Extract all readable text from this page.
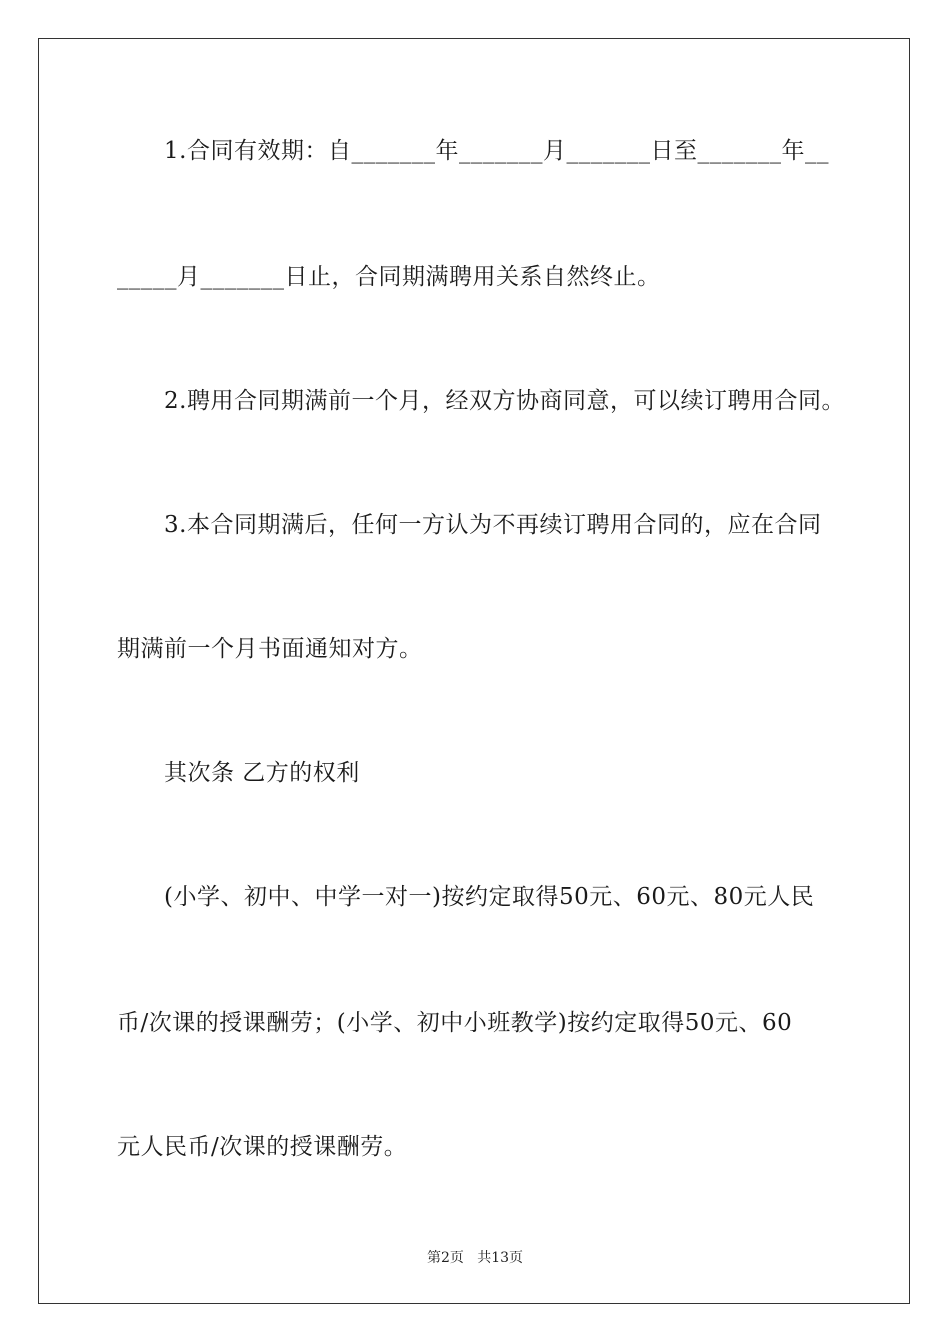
1.合同有效期：自_______年_______月_______日至_______年__
_____月_______日止，合同期满聘用关系自然终止。
2.聘用合同期满前一个月，经双方协商同意，可以续订聘用合同。
3.本合同期满后，任何一方认为不再续订聘用合同的，应在合同
期满前一个月书面通知对方。
其次条 乙方的权利
(小学、初中、中学一对一)按约定取得50元、60元、80元人民
币/次课的授课酬劳；(小学、初中小班教学)按约定取得50元、60
元人民币/次课的授课酬劳。
第2页   共13页
